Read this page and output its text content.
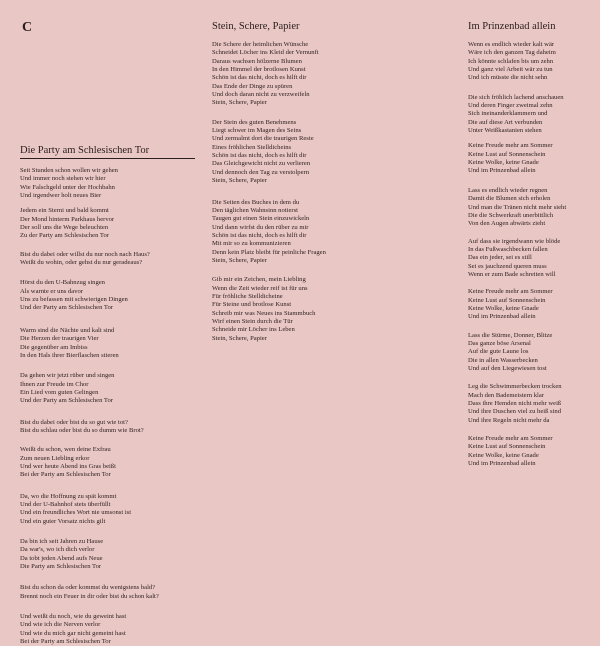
C
Die Party am Schlesischen Tor
Seit Stunden schon wollen wir gehen
Und immer noch stehen wir hier
Wie Falschgeld unter der Hochbahn
Und irgendwer holt neues Bier
Jedem ein Sterni und bald kommt
Der Mond hinterm Parkhaus hervor
Der soll uns die Wege beleuchten
Zu der Party am Schlesischen Tor
Bist du dabei oder willst du nur noch nach Haus?
Weißt du wohin, oder gehst du nur geradeaus?
Hörst du den U-Bahnzug singen
Als warnte er uns davor
Uns zu befassen mit schwierigen Dingen
Und der Party am Schlesischen Tor
Warm sind die Nächte und kalt sind
Die Herzen der traurigen Vier
Die gegenüber am Imbiss
In den Hals ihrer Bierflaschen stieren
Da gehen wir jetzt rüber und singen
Ihnen zur Freude im Chor
Ein Lied vom guten Gelingen
Und der Party am Schlesischen Tor
Bist du dabei oder bist du so gut wie tot?
Bist du schlau oder bist du so dumm wie Brot?
Weißt du schon, wen deine Exfrau
Zum neuen Liebling erkor
Und wer heute Abend ins Gras beißt
Bei der Party am Schlesischen Tor
Da, wo die Hoffnung zu spät kommt
Und der U-Bahnhof stets überfüllt
Und ein freundliches Wort nie umsonst ist
Und ein guter Vorsatz nichts gilt
Da bin ich seit Jahren zu Hause
Da war's, wo ich dich verlor
Da tobt jeden Abend aufs Neue
Die Party am Schlesischen Tor
Bist du schon da oder kommst du wenigstens bald?
Brennt noch ein Feuer in dir oder bist du schon kalt?
Und weißt du noch, wie du geweint hast
Und wie ich die Nerven verlor
Und wie du mich gar nicht gemeint hast
Bei der Party am Schlesischen Tor
Stein, Schere, Papier
Die Schere der heimlichen Wünsche
Schneidet Löcher ins Kleid der Vernunft
Daraus wachsen hölzerne Blumen
In den Himmel der brotlosen Kunst
Schön ist das nicht, doch es hilft dir
Das Ende der Dinge zu spüren
Und doch daran nicht zu verzweifeln
Stein, Schere, Papier
Der Stein des guten Benehmens
Liegt schwer im Magen des Seins
Und zermalmt dort die traurigen Reste
Eines fröhlichen Stelldicheins
Schön ist das nicht, doch es hilft dir
Das Gleichgewicht nicht zu verlieren
Und dennoch den Tag zu verstolpern
Stein, Schere, Papier
Die Seiten des Buches in dem du
Den täglichen Wahnsinn notierst
Taugen gut einen Stein einzuwickeln
Und dann wirfst du den rüber zu mir
Schön ist das nicht, doch es hilft dir
Mit mir so zu kommunizieren
Denn kein Platz bleibt für peinliche Fragen
Stein, Schere, Papier
Gib mir ein Zeichen, mein Liebling
Wenn die Zeit wieder reif ist für uns
Für fröhliche Stelldicheine
Für Steine und brotlose Kunst
Schreib mir was Neues ins Stammbuch
Wirf einen Stein durch die Tür
Schneide mir Löcher ins Leben
Stein, Schere, Papier
Im Prinzenbad allein
Wenn es endlich wieder kalt wär
Wäre ich den ganzen Tag daheim
Ich könnte schlafen bis um zehn
Und ganz viel Arbeit wär zu tun
Und ich müsste die nicht sehn
Die sich fröhlich lachend anschauen
Und deren Finger zweimal zehn
Sich ineinanderklammern und
Die auf diese Art verbunden
Unter Weißkastanien stehen
Keine Freude mehr am Sommer
Keine Lust auf Sonnenschein
Keine Wolke, keine Gnade
Und im Prinzenbad allein
Lass es endlich wieder regnen
Damit die Blumen sich erholen
Und man die Tränen nicht mehr sieht
Die die Schwerkraft unerbittlich
Von den Augen abwärts zieht
Auf dass sie irgendwann wie blöde
In das Fußwaschbecken fallen
Das ein jeder, sei es still
Sei es jauchzend queren muss
Wenn er zum Bade schreiten will
Keine Freude mehr am Sommer
Keine Lust auf Sonnenschein
Keine Wolke, keine Gnade
Und im Prinzenbad allein
Lass die Stürme, Donner, Blitze
Das ganze böse Arsenal
Auf die gute Laune los
Die in allen Wasserbecken
Und auf den Liegewiesen tost
Leg die Schwimmerbecken trocken
Mach den Bademeistern klar
Dass ihre Hemden nicht mehr weiß
Und ihre Duschen viel zu heiß sind
Und ihre Regeln nicht mehr da
Keine Freude mehr am Sommer
Keine Lust auf Sonnenschein
Keine Wolke, keine Gnade
Und im Prinzenbad allein
